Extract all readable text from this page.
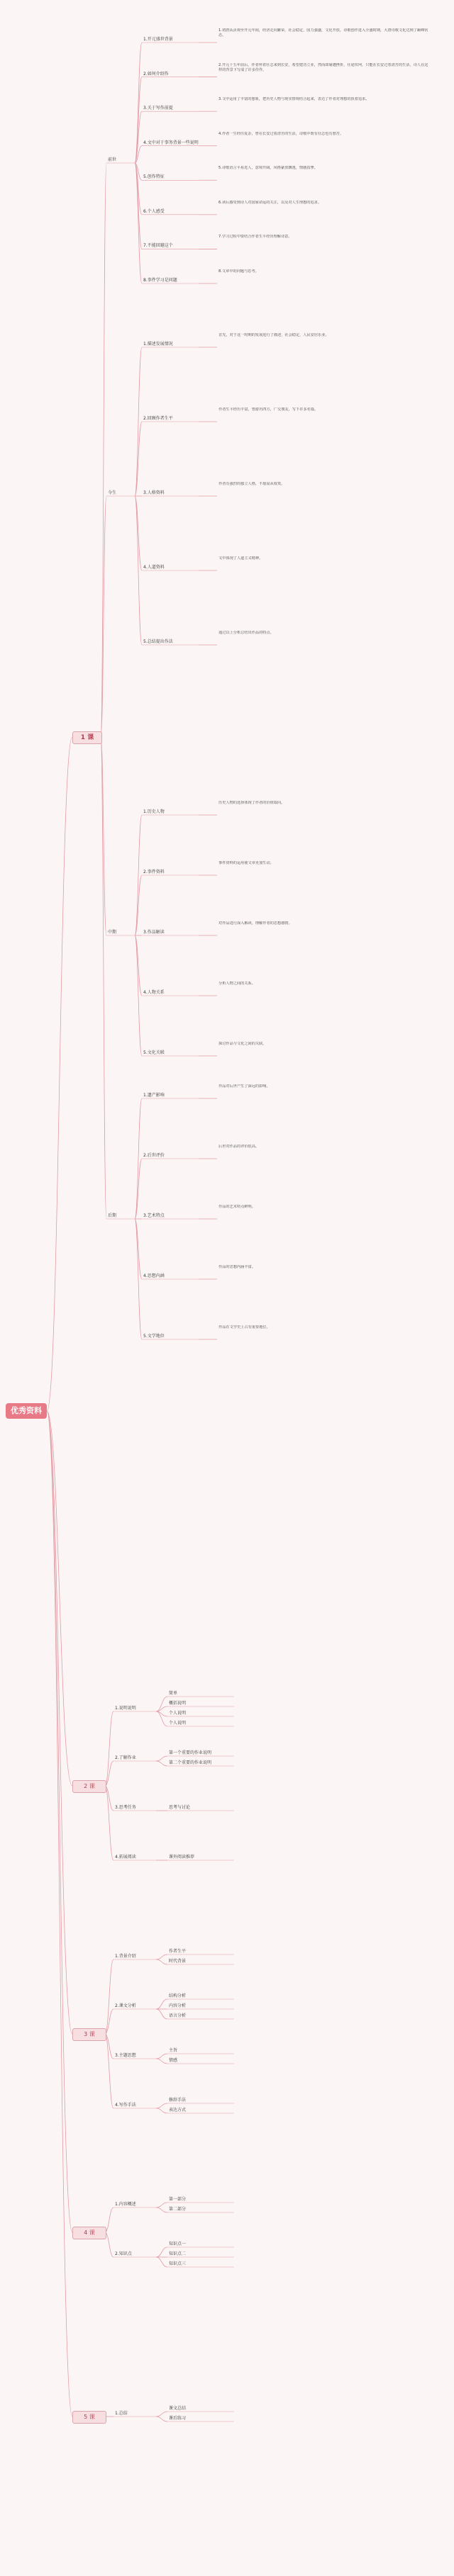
优秀资料
1 课
前世
1.开元盛世背景
1.初唐从贞观至开元年间，经济走向繁荣，社会稳定，国力强盛，文化开放，诗歌创作进入全盛时期，大唐诗歌文化达到了巅峰状态。
2.如何介绍作
2.开元十五年前后，作者怀着壮志来到长安，希望建功立业，然而却屡遭挫折，仕途坎坷，只能在长安过着清苦的生活，诗人在这样的背景下写成了许多佳作。
3.关于写作前提
3.文中运用了丰富的想象，把历史人物与现实情境结合起来，表达了作者对理想的执着追求。
4.文中对于事务背景一些说明
4.作者一生经历复杂，曾在长安过着清苦的生活，诗歌中既有壮志也有愁苦。
5.创作特征
5.诗歌语言平易近人，意境开阔，风格豪放飘逸，情感真挚。
6.个人感受
6.读后感受到诗人对国家命运的关注，以及对人生理想的追求。
7.不能回避这个
7.学习过程中要结合作者生平经历理解诗意。
8.事件学习是问题
8.文章中的问题与思考。
今生
1.描述发展情况
首先，对于这一时期的发展进行了描述，社会稳定，人民安居乐业。
2.回顾作者生平
作者生平经历丰富，曾游历四方，广交朋友，写下许多名篇。
3.人格资料
作者有强烈的独立人格，不愿屈从权贵。
4.人道资料
文中体现了人道主义精神。
5.总结提出作法
通过以上分析总结出作品的特点。
中期
1.历史人物
历史人物的选择体现了作者的价值取向。
2.事件资料
事件资料的运用使文章更加生动。
3.作品解读
对作品进行深入解读，理解作者的思想感情。
4.人物关系
分析人物之间的关系。
5.文化关联
探讨作品与文化之间的关联。
后期
1.遗产影响
作品对后世产生了深远的影响。
2.后世评价
后世对作品的评价很高。
3.艺术特点
作品的艺术特点鲜明。
4.思想内涵
作品的思想内涵丰富。
5.文学地位
作品在文学史上占有重要地位。
2 课
1.说明说明
简单
概括说明
个人说明
个人说明
2.了解作业
第一个重要的作业说明
第二个重要的作业说明
3.思考任务	思考与讨论
4.拓展阅读	课外阅读推荐
3 课
1.背景介绍
作者生平
时代背景
2.课文分析
结构分析
内容分析
语言分析
3.主题思想
主旨
情感
4.写作手法
修辞手法
表达方式
4 课
1.内容概述
第一部分
第二部分
2.知识点
知识点一
知识点二
知识点三
5 课
1.总结
课文总结
课后练习
